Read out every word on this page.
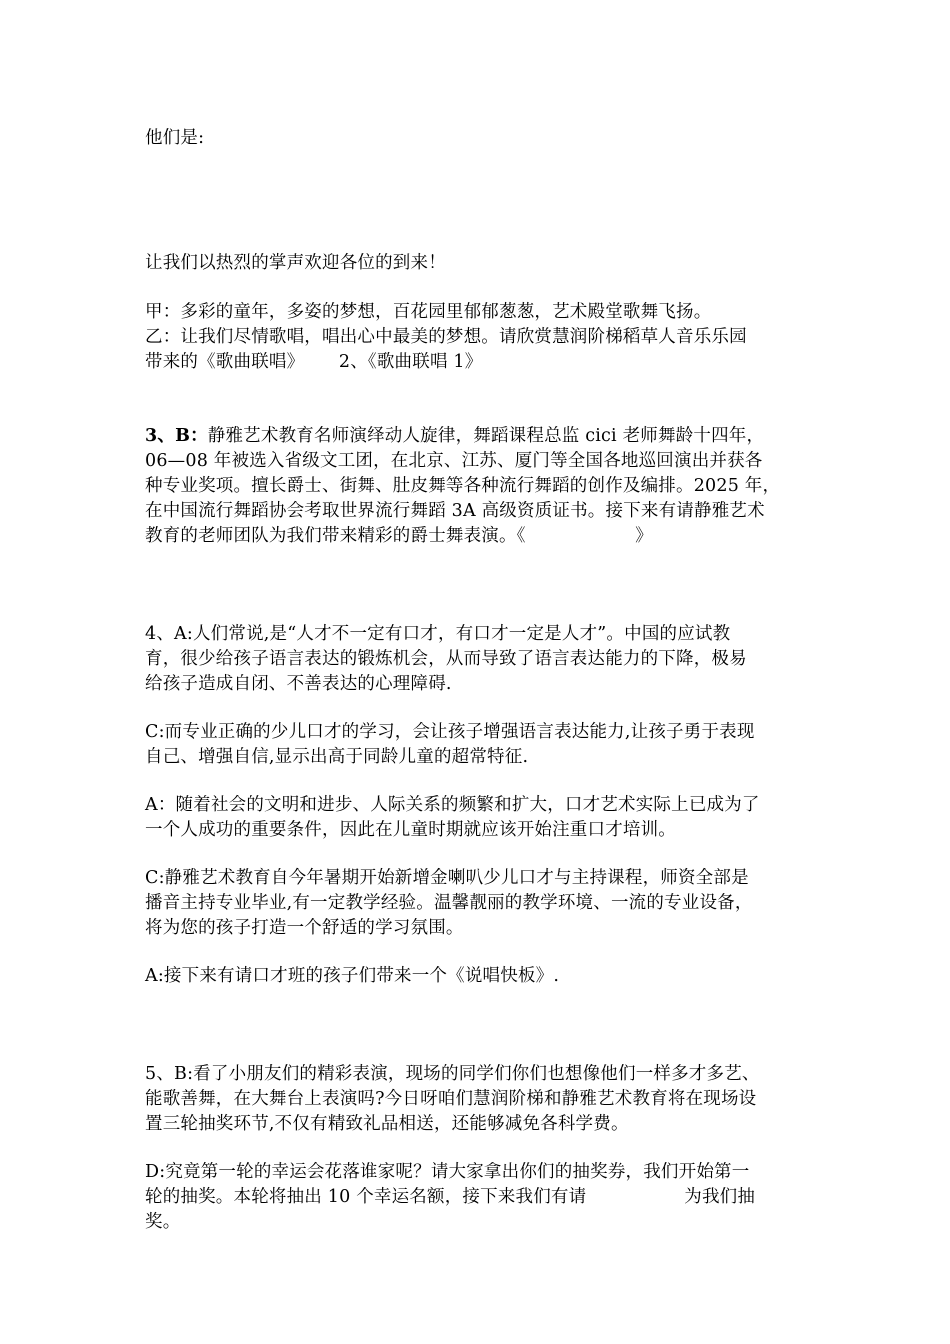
他们是:

让我们以热烈的掌声欢迎各位的到来！

甲：多彩的童年，多姿的梦想，百花园里郁郁葱葱，艺术殿堂歌舞飞扬。

乙：让我们尽情歌唱，唱出心中最美的梦想。请欣赏慧润阶梯稻草人音乐乐园

带来的《歌曲联唱》      2、《歌曲联唱 1》

3、B：静雅艺术教育名师演绎动人旋律，舞蹈课程总监 cici 老师舞龄十四年，

06—08 年被选入省级文工团，在北京、江苏、厦门等全国各地巡回演出并获各

种专业奖项。擅长爵士、街舞、肚皮舞等各种流行舞蹈的创作及编排。2025 年，

在中国流行舞蹈协会考取世界流行舞蹈 3A 高级资质证书。接下来有请静雅艺术

教育的老师团队为我们带来精彩的爵士舞表演。《                   》

4、A:人们常说,是“人才不一定有口才，有口才一定是人才”。中国的应试教

育，很少给孩子语言表达的锻炼机会，从而导致了语言表达能力的下降，极易

给孩子造成自闭、不善表达的心理障碍.

C:而专业正确的少儿口才的学习，会让孩子增强语言表达能力,让孩子勇于表现

自己、增强自信,显示出高于同龄儿童的超常特征.

A：随着社会的文明和进步、人际关系的频繁和扩大，口才艺术实际上已成为了

一个人成功的重要条件，因此在儿童时期就应该开始注重口才培训。

C:静雅艺术教育自今年暑期开始新增金喇叭少儿口才与主持课程，师资全部是

播音主持专业毕业,有一定教学经验。温馨靓丽的教学环境、一流的专业设备，

将为您的孩子打造一个舒适的学习氛围。

A:接下来有请口才班的孩子们带来一个《说唱快板》.

5、B:看了小朋友们的精彩表演，现场的同学们你们也想像他们一样多才多艺、

能歌善舞，在大舞台上表演吗?今日呀咱们慧润阶梯和静雅艺术教育将在现场设

置三轮抽奖环节,不仅有精致礼品相送，还能够减免各科学费。

D:究竟第一轮的幸运会花落谁家呢？请大家拿出你们的抽奖券，我们开始第一

轮的抽奖。本轮将抽出 10 个幸运名额，接下来我们有请                 为我们抽

奖。
